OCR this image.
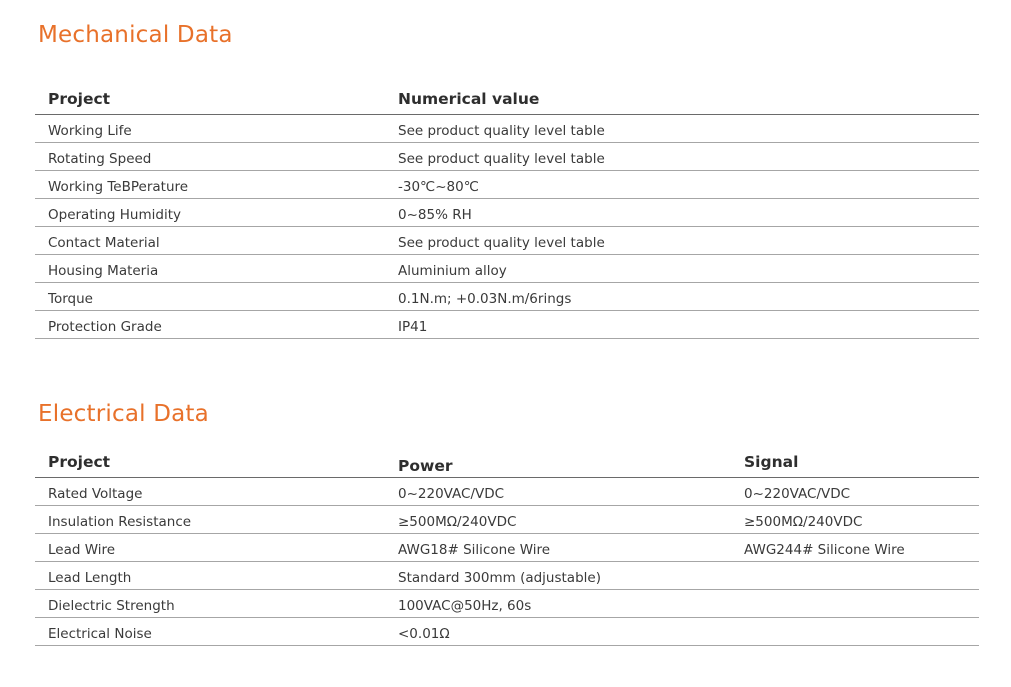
Mechanical Data
Project	Numerical value
Working Life	See product quality level table
Rotating Speed	See product quality level table
Working TeBPerature	-30℃~80℃
Operating Humidity	0~85% RH
Contact Material	See product quality level table
Housing Materia	Aluminium alloy
Torque	0.1N.m; +0.03N.m/6rings
Protection Grade	IP41
Electrical Data
Project	Power	Signal
Rated Voltage	0~220VAC/VDC	0~220VAC/VDC
Insulation Resistance	≥500MΩ/240VDC	≥500MΩ/240VDC
Lead Wire	AWG18# Silicone Wire	AWG244# Silicone Wire
Lead Length	Standard 300mm (adjustable)
Dielectric Strength	100VAC@50Hz, 60s
Electrical Noise	<0.01Ω
